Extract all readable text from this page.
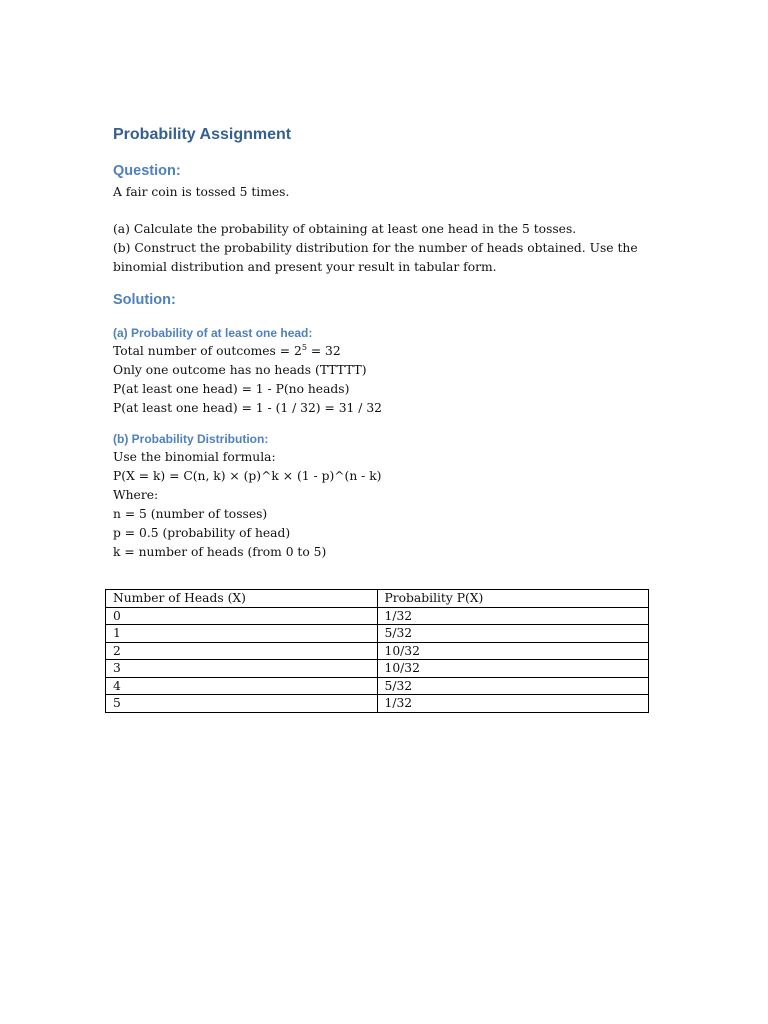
Probability Assignment
Question:
A fair coin is tossed 5 times.
(a) Calculate the probability of obtaining at least one head in the 5 tosses.
(b) Construct the probability distribution for the number of heads obtained. Use the binomial distribution and present your result in tabular form.
Solution:
(a) Probability of at least one head:
Total number of outcomes = $2^5 = 32$
Only one outcome has no heads (TTTTT)
P(at least one head) = 1 - P(no heads)
P(at least one head) = 1 - (1 / 32) = 31 / 32
(b) Probability Distribution:
Use the binomial formula:
P(X = k) = C(n, k) × (p)^k × (1 - p)^(n - k)
Where:
n = 5 (number of tosses)
p = 0.5 (probability of head)
k = number of heads (from 0 to 5)
Number of Heads (X)	Probability P(X)
0	1/32
1	5/32
2	10/32
3	10/32
4	5/32
5	1/32
